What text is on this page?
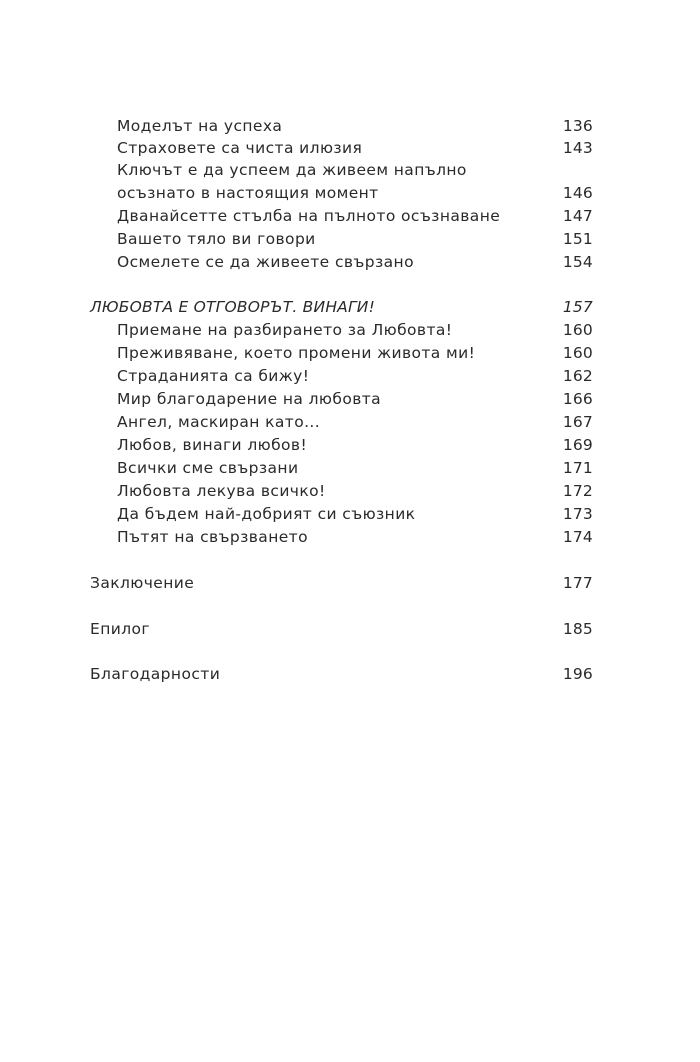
Моделът на успеха	136
Страховете са чиста илюзия	143
Ключът е да успеем да живеем напълно
осъзнато в настоящия момент	146
Дванайсетте стълба на пълното осъзнаване	147
Вашето тяло ви говори	151
Осмелете се да живеете свързано	154
ЛЮБОВТА Е ОТГОВОРЪТ. ВИНАГИ!	157
Приемане на разбирането за Любовта!	160
Преживяване, което промени живота ми!	160
Страданията са бижу!	162
Мир благодарение на любовта	166
Ангел, маскиран като...	167
Любов, винаги любов!	169
Всички сме свързани	171
Любовта лекува всичко!	172
Да бъдем най-добрият си съюзник	173
Пътят на свързването	174
Заключение	177
Епилог	185
Благодарности	196
